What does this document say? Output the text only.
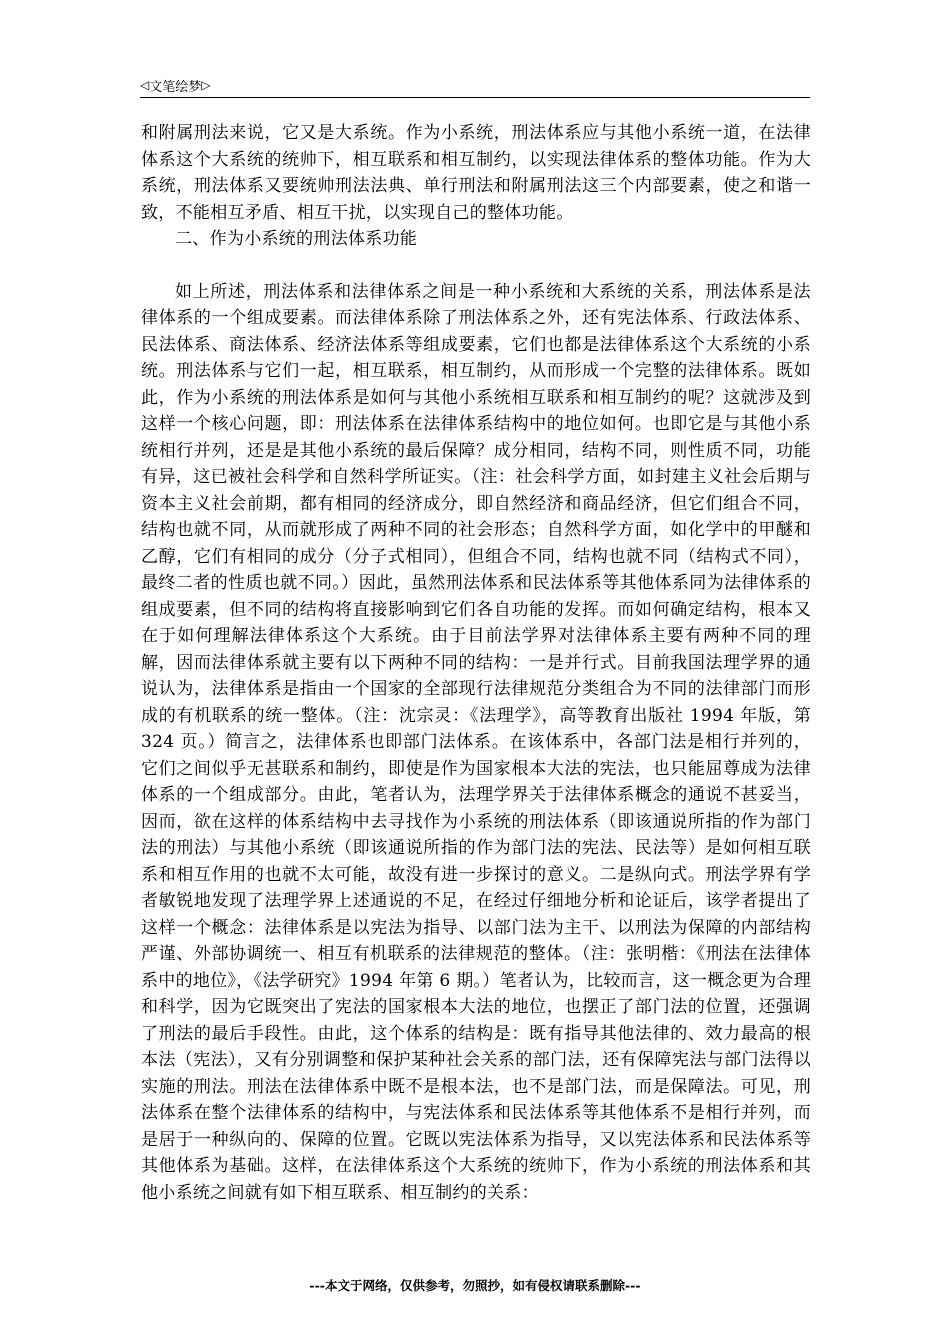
◁ 文笔绘梦 ▷

和附属刑法来说，它又是大系统。作为小系统，刑法体系应与其他小系统一道，在法律体系这个大系统的统帅下，相互联系和相互制约，以实现法律体系的整体功能。作为大系统，刑法体系又要统帅刑法法典、单行刑法和附属刑法这三个内部要素，使之和谐一致，不能相互矛盾、相互干扰，以实现自己的整体功能。

二、作为小系统的刑法体系功能

如上所述，刑法体系和法律体系之间是一种小系统和大系统的关系，刑法体系是法律体系的一个组成要素。而法律体系除了刑法体系之外，还有宪法体系、行政法体系、民法体系、商法体系、经济法体系等组成要素，它们也都是法律体系这个大系统的小系统。刑法体系与它们一起，相互联系，相互制约，从而形成一个完整的法律体系。既如此，作为小系统的刑法体系是如何与其他小系统相互联系和相互制约的呢？这就涉及到这样一个核心问题，即：刑法体系在法律体系结构中的地位如何。也即它是与其他小系统相行并列，还是是其他小系统的最后保障？成分相同，结构不同，则性质不同，功能有异，这已被社会科学和自然科学所证实。（注：社会科学方面，如封建主义社会后期与资本主义社会前期，都有相同的经济成分，即自然经济和商品经济，但它们组合不同，结构也就不同，从而就形成了两种不同的社会形态；自然科学方面，如化学中的甲醚和乙醇，它们有相同的成分（分子式相同），但组合不同，结构也就不同（结构式不同），最终二者的性质也就不同。）因此，虽然刑法体系和民法体系等其他体系同为法律体系的组成要素，但不同的结构将直接影响到它们各自功能的发挥。而如何确定结构，根本又在于如何理解法律体系这个大系统。由于目前法学界对法律体系主要有两种不同的理解，因而法律体系就主要有以下两种不同的结构：一是并行式。目前我国法理学界的通说认为，法律体系是指由一个国家的全部现行法律规范分类组合为不同的法律部门而形成的有机联系的统一整体。（注：沈宗灵：《法理学》，高等教育出版社 1994 年版，第 324 页。）简言之，法律体系也即部门法体系。在该体系中，各部门法是相行并列的，它们之间似乎无甚联系和制约，即使是作为国家根本大法的宪法，也只能屈尊成为法律体系的一个组成部分。由此，笔者认为，法理学界关于法律体系概念的通说不甚妥当，因而，欲在这样的体系结构中去寻找作为小系统的刑法体系（即该通说所指的作为部门法的刑法）与其他小系统（即该通说所指的作为部门法的宪法、民法等）是如何相互联系和相互作用的也就不太可能，故没有进一步探讨的意义。二是纵向式。刑法学界有学者敏锐地发现了法理学界上述通说的不足，在经过仔细地分析和论证后，该学者提出了这样一个概念：法律体系是以宪法为指导、以部门法为主干、以刑法为保障的内部结构严谨、外部协调统一、相互有机联系的法律规范的整体。（注：张明楷：《刑法在法律体系中的地位》，《法学研究》1994 年第 6 期。）笔者认为，比较而言，这一概念更为合理和科学，因为它既突出了宪法的国家根本大法的地位，也摆正了部门法的位置，还强调了刑法的最后手段性。由此，这个体系的结构是：既有指导其他法律的、效力最高的根本法（宪法），又有分别调整和保护某种社会关系的部门法，还有保障宪法与部门法得以实施的刑法。刑法在法律体系中既不是根本法，也不是部门法，而是保障法。可见，刑法体系在整个法律体系的结构中，与宪法体系和民法体系等其他体系不是相行并列，而是居于一种纵向的、保障的位置。它既以宪法体系为指导，又以宪法体系和民法体系等其他体系为基础。这样，在法律体系这个大系统的统帅下，作为小系统的刑法体系和其他小系统之间就有如下相互联系、相互制约的关系：

---本文于网络，仅供参考，勿照抄，如有侵权请联系删除---
